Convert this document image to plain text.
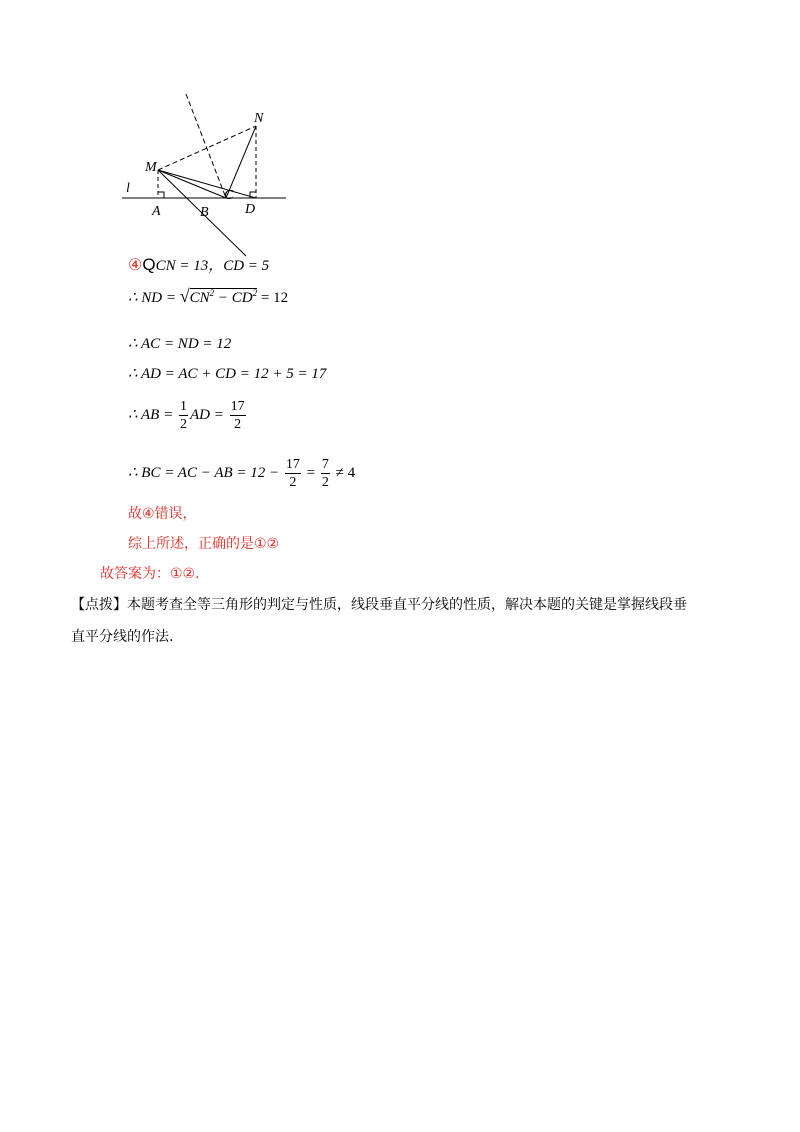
M
N
l
A	B
C
D
④QCN = 13，CD = 5
∴ ND = $√CN^2 - CD^2 = 12$
∴ AC = ND = 12
∴ AD = AC + CD = 12 + 5 = 17
∴ AB = $\frac{1}{2}$ AD = $\frac{17}{2}$
∴ BC = AC − AB = $12 - \frac{17}{2} = \frac{7}{2} \ne 4$
故④错误，
综上所述，正确的是①②
故答案为：①②.
【点拨】本题考查全等三角形的判定与性质，线段垂直平分线的性质，解决本题的关键是掌握线段垂
直平分线的作法.
